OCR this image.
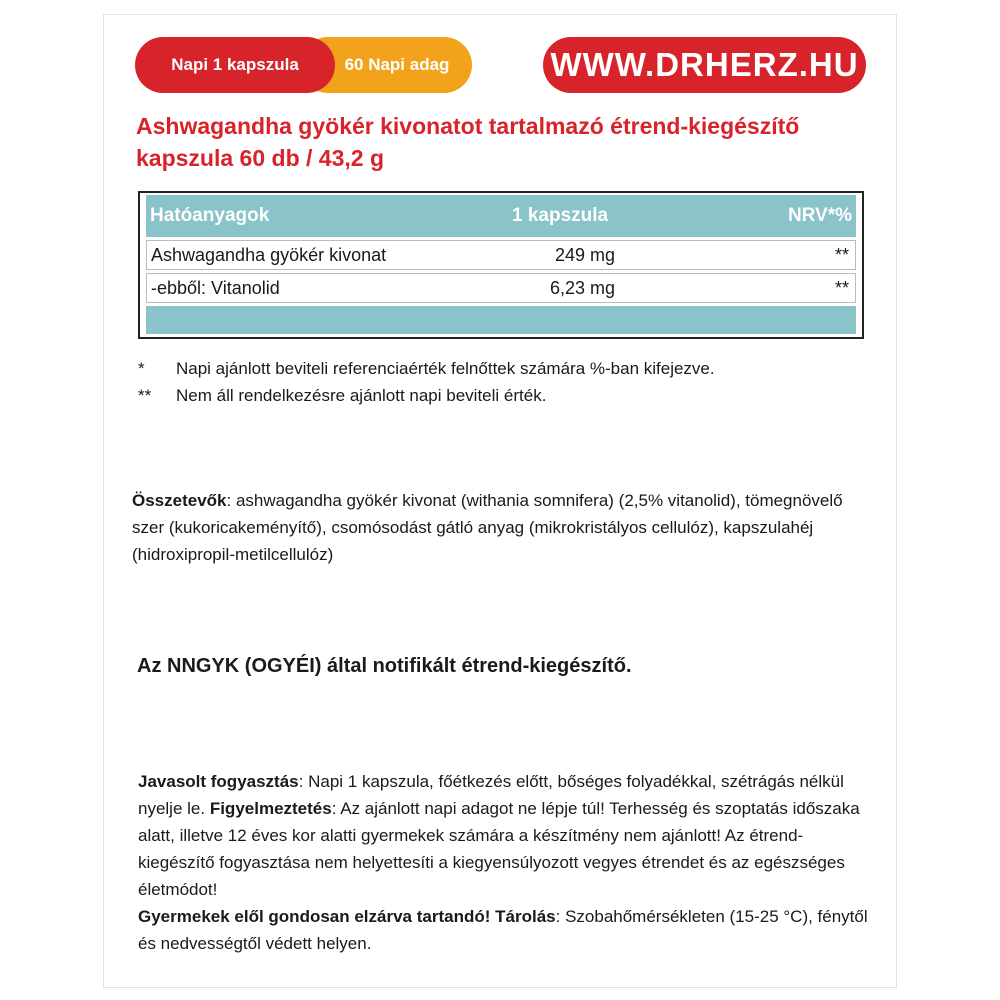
Napi 1 kapszula	60 Napi adag	WWW.DRHERZ.HU
Ashwagandha gyökér kivonatot tartalmazó étrend-kiegészítő
kapszula 60 db / 43,2 g
Hatóanyagok	1 kapszula	NRV*%
Ashwagandha gyökér kivonat	249 mg	**
-ebből: Vitanolid	6,23 mg	**
*	Napi ajánlott beviteli referenciaérték felnőttek számára %-ban kifejezve.
**	Nem áll rendelkezésre ajánlott napi beviteli érték.

Összetevők: ashwagandha gyökér kivonat (withania somnifera) (2,5% vitanolid), tömegnövelő szer (kukoricakeményítő), csomósodást gátló anyag (mikrokristályos cellulóz), kapszulahéj (hidroxipropil-metilcellulóz)

Az NNGYK (OGYÉI) által notifikált étrend-kiegészítő.

Javasolt fogyasztás: Napi 1 kapszula, főétkezés előtt, bőséges folyadékkal, szétrágás nélkül nyelje le. Figyelmeztetés: Az ajánlott napi adagot ne lépje túl! Terhesség és szoptatás időszaka alatt, illetve 12 éves kor alatti gyermekek számára a készítmény nem ajánlott! Az étrend-kiegészítő fogyasztása nem helyettesíti a kiegyensúlyozott vegyes étrendet és az egészséges életmódot!
Gyermekek elől gondosan elzárva tartandó! Tárolás: Szobahőmérsékleten (15-25 °C), fénytől és nedvességtől védett helyen.
